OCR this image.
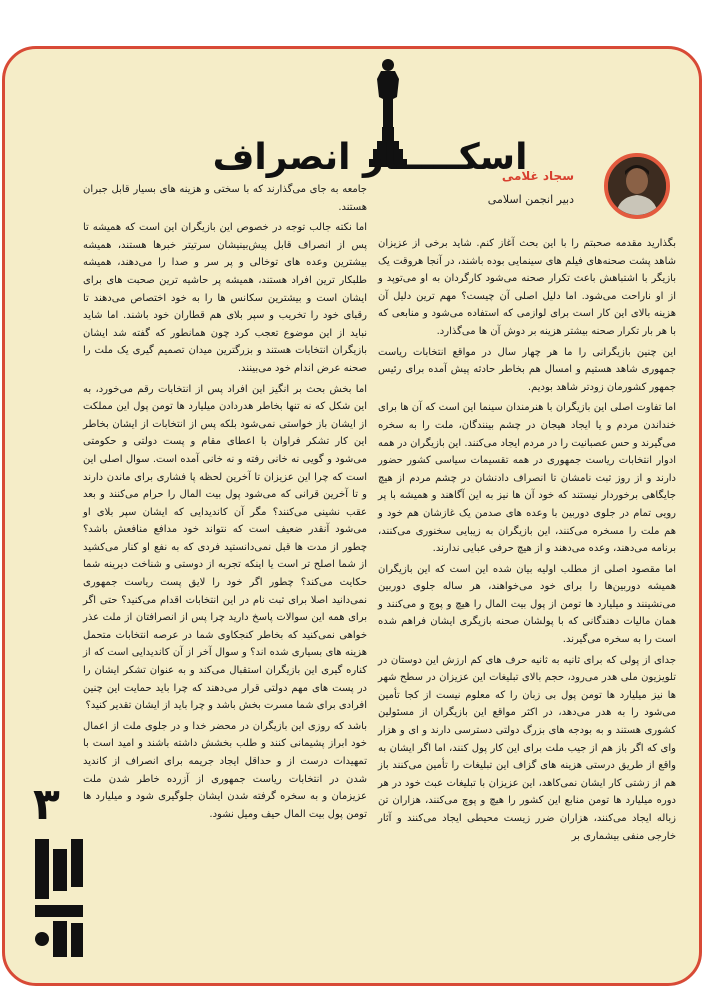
اسکـــــار انصراف
سجاد غلامی
دبیر انجمن اسلامی

بگذارید مقدمه صحبتم را با این بحث آغاز کنم. شاید برخی از عزیزان شاهد پشت صحنه‌های فیلم های سینمایی بوده باشند، در آنجا هروقت یک بازیگر با اشتباهش باعث تکرار صحنه می‌شود کارگردان به او می‌توپد و از او ناراحت می‌شود. اما دلیل اصلی آن چیست؟ مهم ترین دلیل آن هزینه بالای این کار است برای لوازمی که استفاده می‌شود و منابعی که با هر بار تکرار صحنه بیشتر هزینه بر دوش آن ها می‌گذارد.

این چنین بازیگرانی را ما هر چهار سال در مواقع انتخابات ریاست جمهوری شاهد هستیم و امسال هم بخاطر حادثه پیش آمده برای رئیس جمهور کشورمان زودتر شاهد بودیم.

اما تفاوت اصلی این بازیگران با هنرمندان سینما این است که آن ها برای خنداندن مردم و یا ایجاد هیجان در چشم بینندگان، ملت را به سخره می‌گیرند و حس عصبانیت را در مردم ایجاد می‌کنند. این بازیگران در همه ادوار انتخابات ریاست جمهوری در همه تقسیمات سیاسی کشور حضور دارند و از روز ثبت نامشان تا انصراف دادنشان در چشم مردم از هیچ جایگاهی برخوردار نیستند که خود آن ها نیز به این آگاهند و همیشه با پر رویی تمام در جلوی دوربین با وعده های صدمن یک غازشان هم خود و هم ملت را مسخره می‌کنند، این بازیگران به زیبایی سخنوری می‌کنند، برنامه می‌دهند، وعده می‌دهند و از هیچ حرفی عبایی ندارند.

اما مقصود اصلی از مطلب اولیه بیان شده این است که این بازیگران همیشه دوربین‌ها را برای خود می‌خواهند، هر ساله جلوی دوربین می‌نشینند و میلیارد ها تومن از پول بیت المال را هیچ و پوچ و می‌کنند و همان مالیات دهندگانی که با پولشان صحنه بازیگری ایشان فراهم شده است را به سخره می‌گیرند.

جدای از پولی که برای ثانیه به ثانیه حرف های کم ارزش این دوستان در تلویزیون ملی هدر می‌رود، حجم بالای تبلیغات این عزیزان در سطح شهر ها نیز میلیارد ها تومن پول بی زبان را که معلوم نیست از کجا تأمین می‌شود را به هدر می‌دهد، در اکثر مواقع این بازیگران از مسئولین کشوری هستند و به بودجه های بزرگ دولتی دسترسی دارند و ای و هزار وای که اگر باز هم از جیب ملت برای این کار پول کنند، اما اگر ایشان به واقع از طریق درستی هزینه های گزاف این تبلیغات را تأمین می‌کنند باز هم از زشتی کار ایشان نمی‌کاهد، این عزیزان با تبلیغات عبث خود در هر دوره میلیارد ها تومن منابع این کشور را هیچ و پوچ می‌کنند، هزاران تن زباله ایجاد می‌کنند، هزاران ضرر زیست محیطی ایجاد می‌کنند و آثار خارجی منفی بیشماری بر

جامعه به جای می‌گذارند که با سختی و هزینه های بسیار قابل جبران هستند.

اما نکته جالب توجه در خصوص این بازیگران این است که همیشه تا پس از انصراف قابل پیش‌بینیشان سرتیتر خبرها هستند، همیشه بیشترین وعده های توخالی و پر سر و صدا را می‌دهند، همیشه طلبکار ترین افراد هستند، همیشه پر حاشیه ترین صحبت های برای ایشان است و بیشترین سکانس ها را به خود اختصاص می‌دهند تا رقبای خود را تخریب و سپر بلای هم قطاران خود باشند. اما شاید نباید از این موضوع تعجب کرد چون همانطور که گفته شد ایشان بازیگران انتخابات هستند و بزرگترین میدان تصمیم گیری یک ملت را صحنه عرض اندام خود می‌بینند.

اما بخش بحث بر انگیز این افراد پس از انتخابات رقم می‌خورد، به این شکل که نه تنها بخاطر هدردادن میلیارد ها تومن پول این مملکت از ایشان باز خواستی نمی‌شود بلکه پس از انتخابات از ایشان بخاطر این کار تشکر فراوان با اعطای مقام و پست دولتی و حکومتی می‌شود و گویی نه خانی رفته و نه خانی آمده است. سوال اصلی این است که چرا این عزیزان تا آخرین لحظه پا فشاری برای ماندن دارند و تا آخرین قرانی که می‌شود پول بیت المال را حرام می‌کنند و بعد عقب نشینی می‌کنند؟ مگر آن کاندیدایی که ایشان سپر بلای او می‌شود آنقدر ضعیف است که نتواند خود مدافع منافعش باشد؟ چطور از مدت ها قبل نمی‌دانستید فردی که به نفع او کنار می‌کشید از شما اصلح تر است یا اینکه تجربه از دوستی و شناخت دیرینه شما حکایت می‌کند؟ چطور اگر خود را لایق پست ریاست جمهوری نمی‌دانید اصلا برای ثبت نام در این انتخابات اقدام می‌کنید؟ حتی اگر برای همه این سوالات پاسخ دارید چرا پس از انصرافتان از ملت عذر خواهی نمی‌کنید که بخاطر کنجکاوی شما در عرصه انتخابات متحمل هزینه های بسیاری شده اند؟ و سوال آخر از آن کاندیدایی است که از کناره گیری این بازیگران استقبال می‌کند و به عنوان تشکر ایشان را در پست های مهم دولتی قرار می‌دهند که چرا باید حمایت این چنین افرادی برای شما مسرت بخش باشد و چرا باید از ایشان تقدیر کنید؟

باشد که روزی این بازیگران در محضر خدا و در جلوی ملت از اعمال خود ابراز پشیمانی کنند و طلب بخشش داشته باشند و امید است با تمهیدات درست از و حداقل ایجاد جریمه برای انصراف از کاندید شدن در انتخابات ریاست جمهوری از آزرده خاطر شدن ملت عزیزمان و به سخره گرفته شدن ایشان جلوگیری شود و میلیارد ها تومن پول بیت المال حیف ومیل نشود.

۳
